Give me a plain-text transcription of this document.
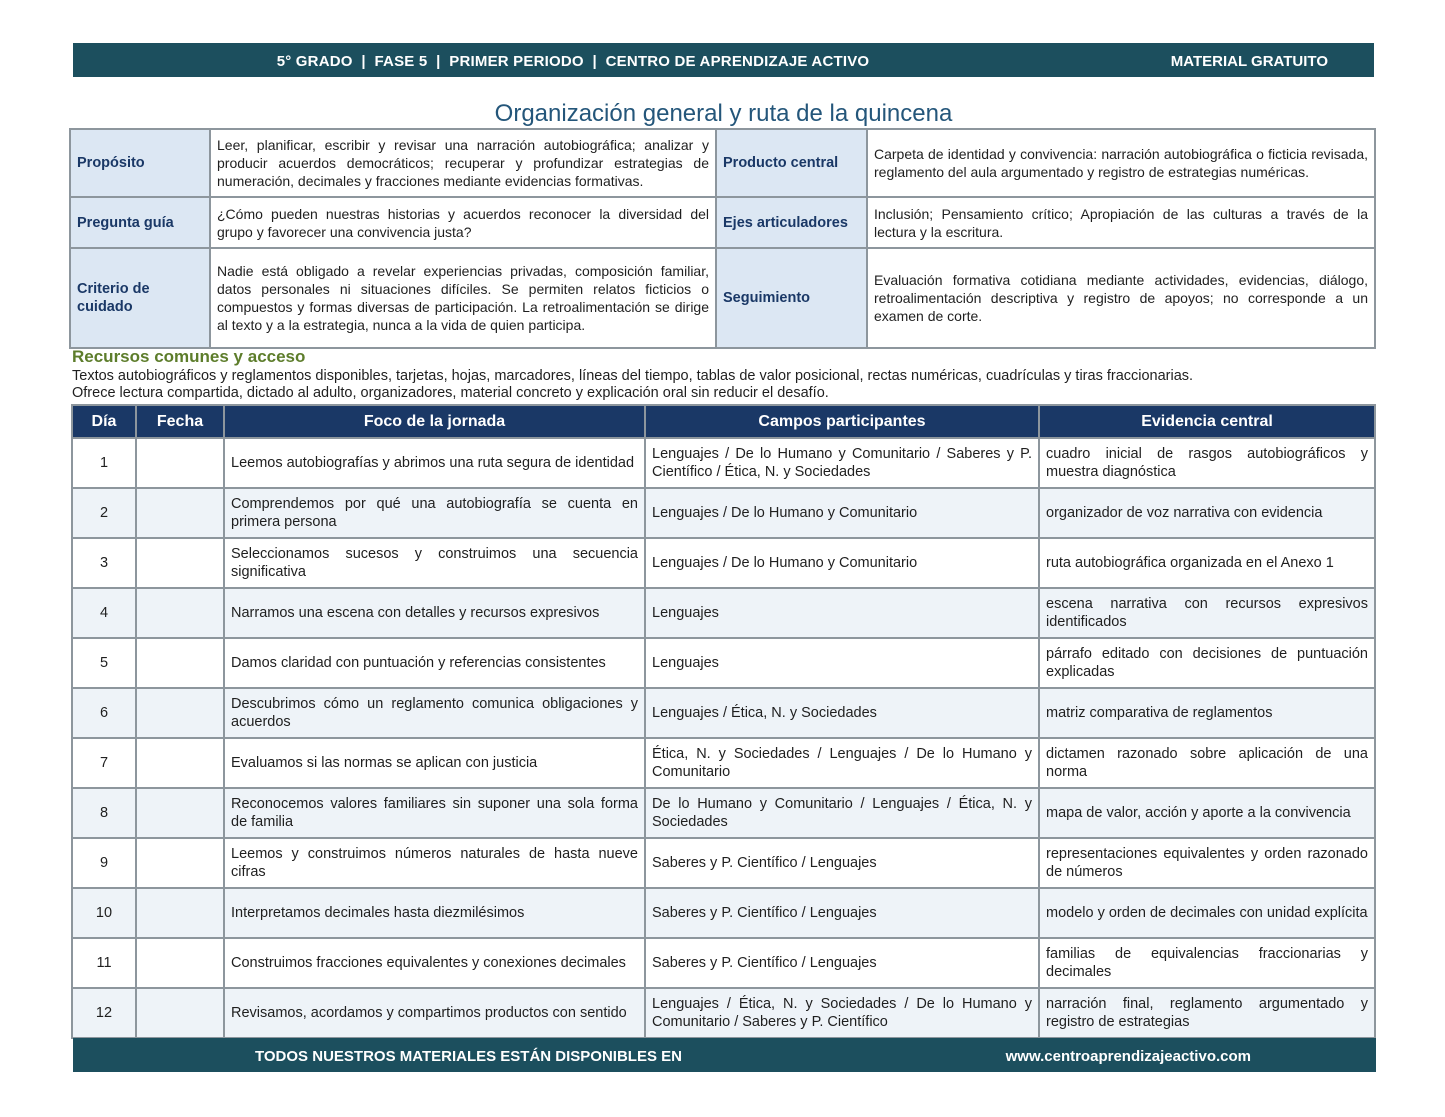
5° GRADO  |  FASE 5  |  PRIMER PERIODO  |  CENTRO DE APRENDIZAJE ACTIVO	MATERIAL GRATUITO
Organización general y ruta de la quincena
Propósito	Leer, planificar, escribir y revisar una narración autobiográfica; analizar y producir acuerdos democráticos; recuperar y profundizar estrategias de numeración, decimales y fracciones mediante evidencias formativas.	Producto central	Carpeta de identidad y convivencia: narración autobiográfica o ficticia revisada, reglamento del aula argumentado y registro de estrategias numéricas.
Pregunta guía	¿Cómo pueden nuestras historias y acuerdos reconocer la diversidad del grupo y favorecer una convivencia justa?	Ejes articuladores	Inclusión; Pensamiento crítico; Apropiación de las culturas a través de la lectura y la escritura.
Criterio de cuidado	Nadie está obligado a revelar experiencias privadas, composición familiar, datos personales ni situaciones difíciles. Se permiten relatos ficticios o compuestos y formas diversas de participación. La retroalimentación se dirige al texto y a la estrategia, nunca a la vida de quien participa.	Seguimiento	Evaluación formativa cotidiana mediante actividades, evidencias, diálogo, retroalimentación descriptiva y registro de apoyos; no corresponde a un examen de corte.
Recursos comunes y acceso
Textos autobiográficos y reglamentos disponibles, tarjetas, hojas, marcadores, líneas del tiempo, tablas de valor posicional, rectas numéricas, cuadrículas y tiras fraccionarias.
Ofrece lectura compartida, dictado al adulto, organizadores, material concreto y explicación oral sin reducir el desafío.
Día	Fecha	Foco de la jornada	Campos participantes	Evidencia central
1		Leemos autobiografías y abrimos una ruta segura de identidad	Lenguajes / De lo Humano y Comunitario / Saberes y P. Científico / Ética, N. y Sociedades	cuadro inicial de rasgos autobiográficos y muestra diagnóstica
2		Comprendemos por qué una autobiografía se cuenta en primera persona	Lenguajes / De lo Humano y Comunitario	organizador de voz narrativa con evidencia
3		Seleccionamos sucesos y construimos una secuencia significativa	Lenguajes / De lo Humano y Comunitario	ruta autobiográfica organizada en el Anexo 1
4		Narramos una escena con detalles y recursos expresivos	Lenguajes	escena narrativa con recursos expresivos identificados
5		Damos claridad con puntuación y referencias consistentes	Lenguajes	párrafo editado con decisiones de puntuación explicadas
6		Descubrimos cómo un reglamento comunica obligaciones y acuerdos	Lenguajes / Ética, N. y Sociedades	matriz comparativa de reglamentos
7		Evaluamos si las normas se aplican con justicia	Ética, N. y Sociedades / Lenguajes / De lo Humano y Comunitario	dictamen razonado sobre aplicación de una norma
8		Reconocemos valores familiares sin suponer una sola forma de familia	De lo Humano y Comunitario / Lenguajes / Ética, N. y Sociedades	mapa de valor, acción y aporte a la convivencia
9		Leemos y construimos números naturales de hasta nueve cifras	Saberes y P. Científico / Lenguajes	representaciones equivalentes y orden razonado de números
10		Interpretamos decimales hasta diezmilésimos	Saberes y P. Científico / Lenguajes	modelo y orden de decimales con unidad explícita
11		Construimos fracciones equivalentes y conexiones decimales	Saberes y P. Científico / Lenguajes	familias de equivalencias fraccionarias y decimales
12		Revisamos, acordamos y compartimos productos con sentido	Lenguajes / Ética, N. y Sociedades / De lo Humano y Comunitario / Saberes y P. Científico	narración final, reglamento argumentado y registro de estrategias
TODOS NUESTROS MATERIALES ESTÁN DISPONIBLES EN	www.centroaprendizajeactivo.com
